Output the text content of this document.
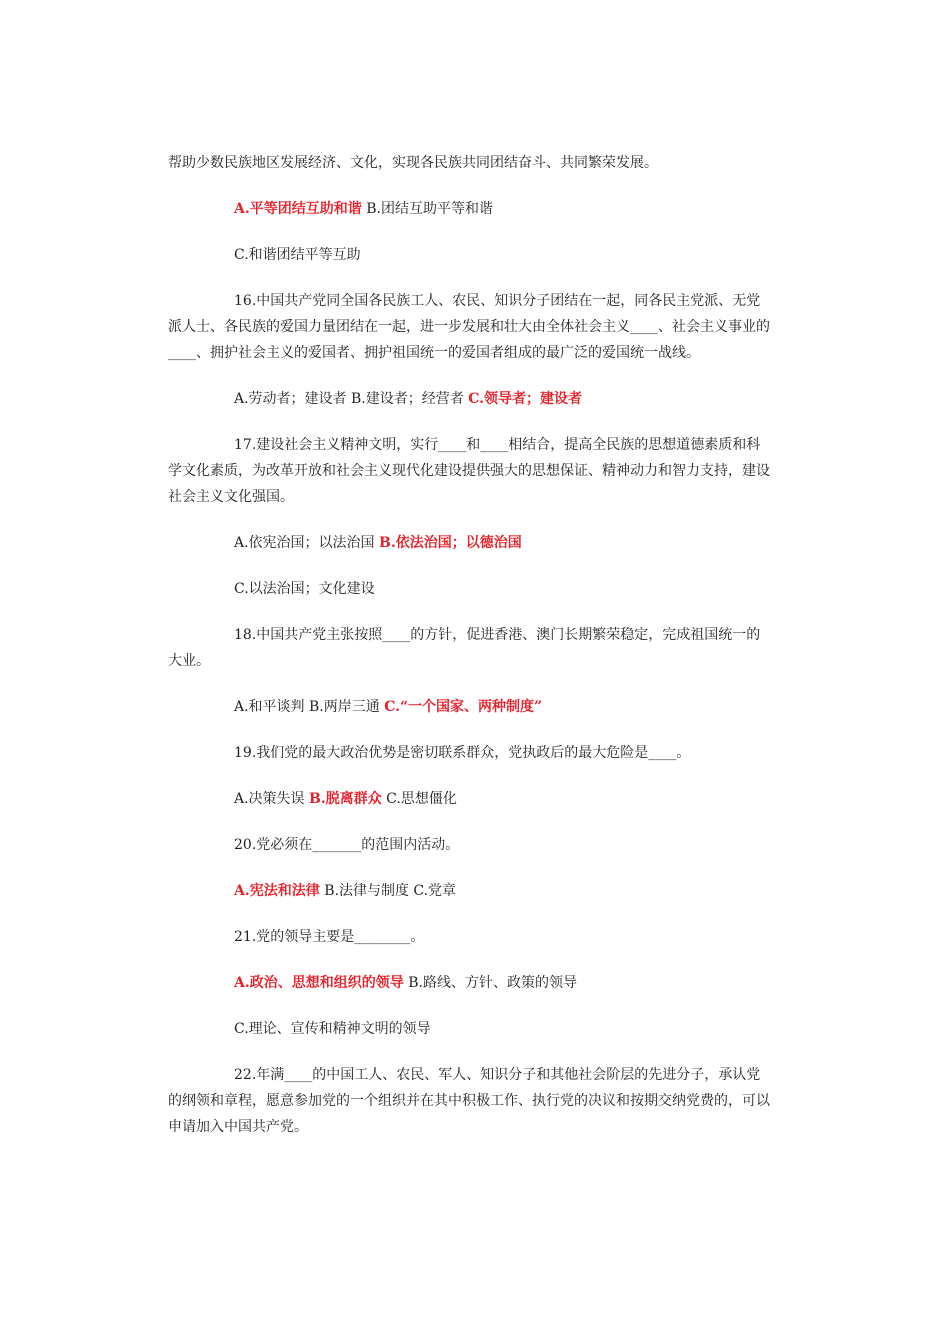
帮助少数民族地区发展经济、文化，实现各民族共同团结奋斗、共同繁荣发展。

A.平等团结互助和谐 B.团结互助平等和谐

C.和谐团结平等互助

16.中国共产党同全国各民族工人、农民、知识分子团结在一起，同各民主党派、无党派人士、各民族的爱国力量团结在一起，进一步发展和壮大由全体社会主义____、社会主义事业的____、拥护社会主义的爱国者、拥护祖国统一的爱国者组成的最广泛的爱国统一战线。

A.劳动者；建设者 B.建设者；经营者 C.领导者；建设者

17.建设社会主义精神文明，实行____和____相结合，提高全民族的思想道德素质和科学文化素质，为改革开放和社会主义现代化建设提供强大的思想保证、精神动力和智力支持，建设社会主义文化强国。

A.依宪治国；以法治国 B.依法治国；以德治国

C.以法治国；文化建设

18.中国共产党主张按照____的方针，促进香港、澳门长期繁荣稳定，完成祖国统一的大业。

A.和平谈判 B.两岸三通 C.“一个国家、两种制度”

19.我们党的最大政治优势是密切联系群众，党执政后的最大危险是____。

A.决策失误 B.脱离群众 C.思想僵化

20.党必须在_______的范围内活动。

A.宪法和法律 B.法律与制度 C.党章

21.党的领导主要是________。

A.政治、思想和组织的领导 B.路线、方针、政策的领导

C.理论、宣传和精神文明的领导

22.年满____的中国工人、农民、军人、知识分子和其他社会阶层的先进分子，承认党的纲领和章程，愿意参加党的一个组织并在其中积极工作、执行党的决议和按期交纳党费的，可以申请加入中国共产党。
